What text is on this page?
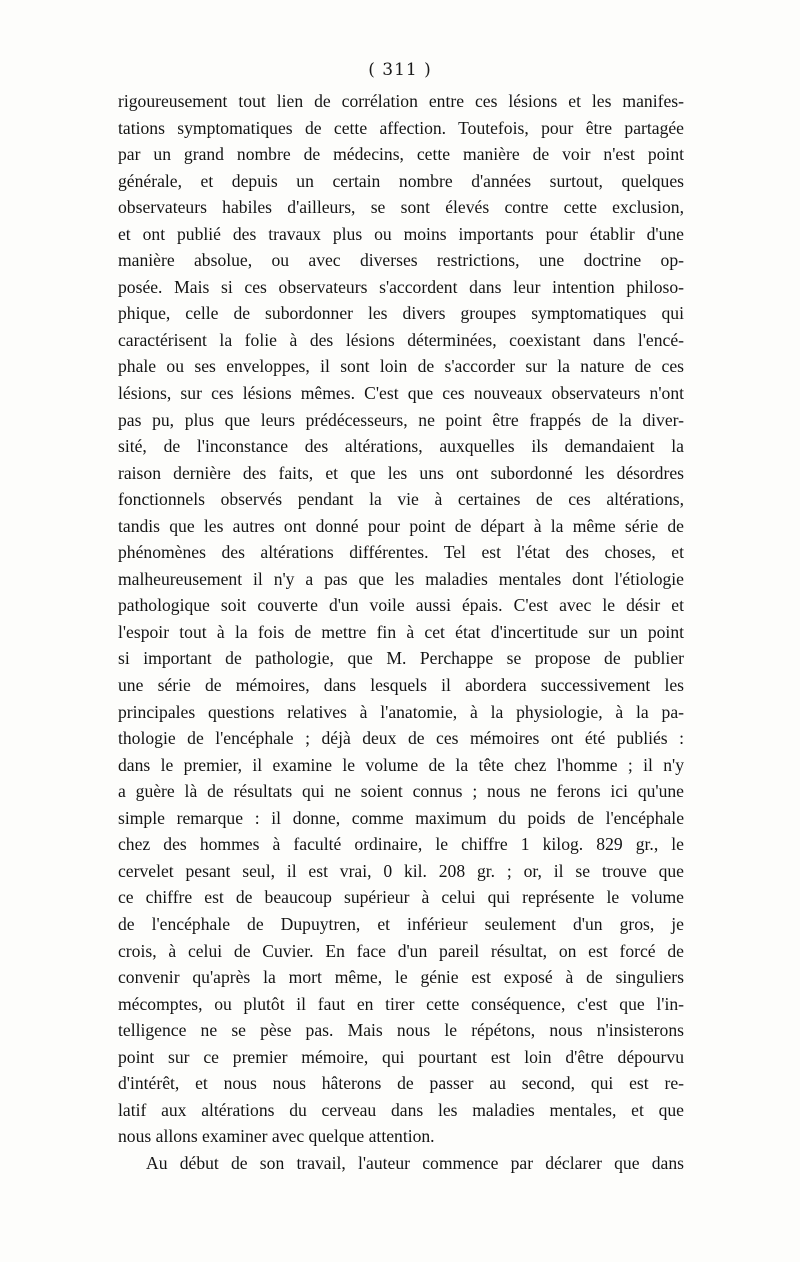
( 311 )
rigoureusement tout lien de corrélation entre ces lésions et les manifes-
tations symptomatiques de cette affection. Toutefois, pour être partagée
par un grand nombre de médecins, cette manière de voir n'est point
générale, et depuis un certain nombre d'années surtout, quelques
observateurs habiles d'ailleurs, se sont élevés contre cette exclusion,
et ont publié des travaux plus ou moins importants pour établir d'une
manière absolue, ou avec diverses restrictions, une doctrine op-
posée. Mais si ces observateurs s'accordent dans leur intention philoso-
phique, celle de subordonner les divers groupes symptomatiques qui
caractérisent la folie à des lésions déterminées, coexistant dans l'encé-
phale ou ses enveloppes, il sont loin de s'accorder sur la nature de ces
lésions, sur ces lésions mêmes. C'est que ces nouveaux observateurs n'ont
pas pu, plus que leurs prédécesseurs, ne point être frappés de la diver-
sité, de l'inconstance des altérations, auxquelles ils demandaient la
raison dernière des faits, et que les uns ont subordonné les désordres
fonctionnels observés pendant la vie à certaines de ces altérations,
tandis que les autres ont donné pour point de départ à la même série de
phénomènes des altérations différentes. Tel est l'état des choses, et
malheureusement il n'y a pas que les maladies mentales dont l'étiologie
pathologique soit couverte d'un voile aussi épais. C'est avec le désir et
l'espoir tout à la fois de mettre fin à cet état d'incertitude sur un point
si important de pathologie, que M. Perchappe se propose de publier
une série de mémoires, dans lesquels il abordera successivement les
principales questions relatives à l'anatomie, à la physiologie, à la pa-
thologie de l'encéphale ; déjà deux de ces mémoires ont été publiés :
dans le premier, il examine le volume de la tête chez l'homme ; il n'y
a guère là de résultats qui ne soient connus ; nous ne ferons ici qu'une
simple remarque : il donne, comme maximum du poids de l'encéphale
chez des hommes à faculté ordinaire, le chiffre 1 kilog. 829 gr., le
cervelet pesant seul, il est vrai, 0 kil. 208 gr. ; or, il se trouve que
ce chiffre est de beaucoup supérieur à celui qui représente le volume
de l'encéphale de Dupuytren, et inférieur seulement d'un gros, je
crois, à celui de Cuvier. En face d'un pareil résultat, on est forcé de
convenir qu'après la mort même, le génie est exposé à de singuliers
mécomptes, ou plutôt il faut en tirer cette conséquence, c'est que l'in-
telligence ne se pèse pas. Mais nous le répétons, nous n'insisterons
point sur ce premier mémoire, qui pourtant est loin d'être dépourvu
d'intérêt, et nous nous hâterons de passer au second, qui est re-
latif aux altérations du cerveau dans les maladies mentales, et que
nous allons examiner avec quelque attention.
Au début de son travail, l'auteur commence par déclarer que dans
